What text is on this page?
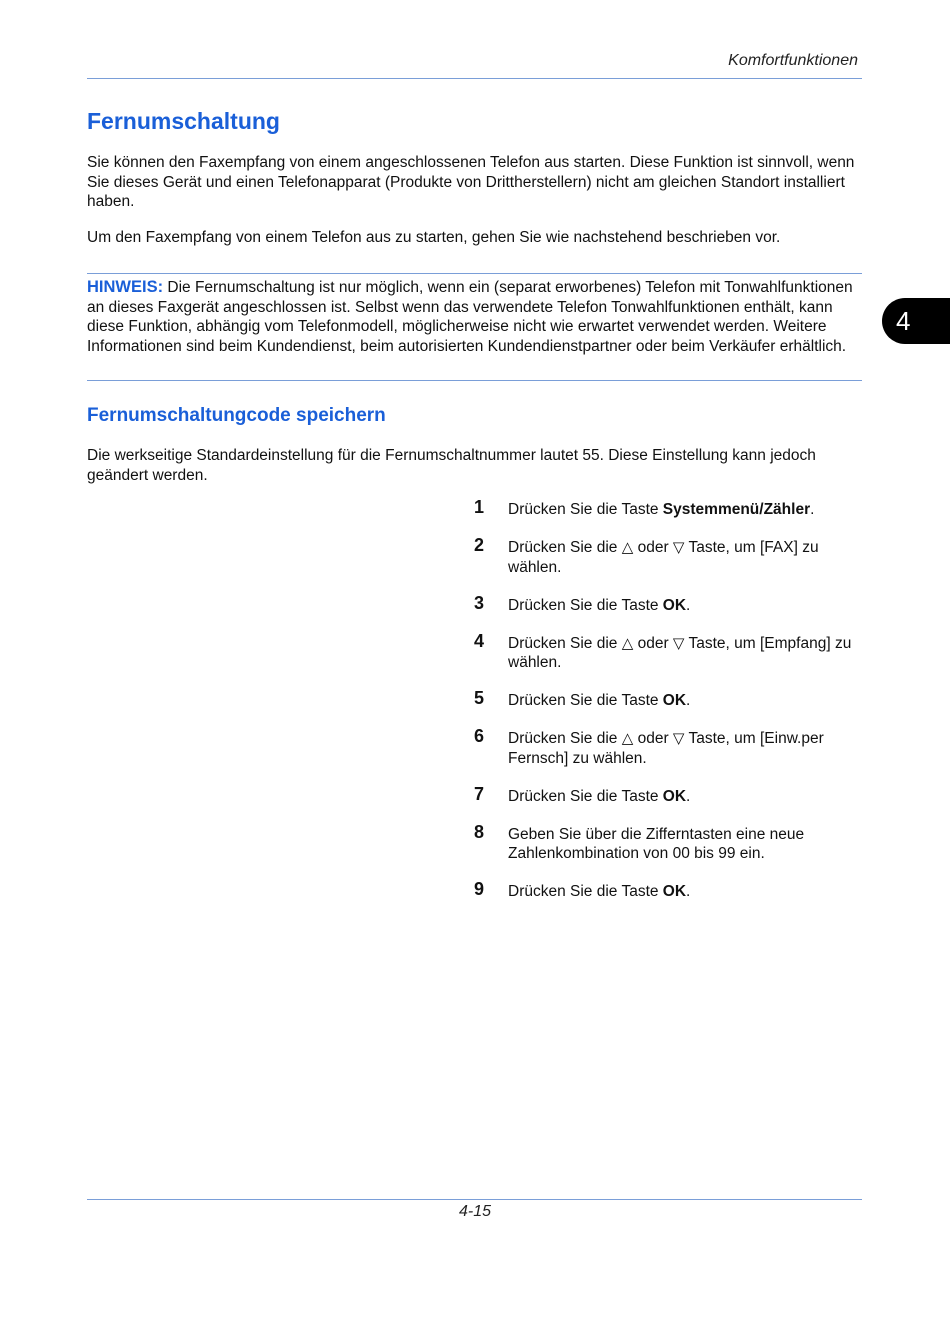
Komfortfunktionen
Fernumschaltung

Sie können den Faxempfang von einem angeschlossenen Telefon aus starten. Diese Funktion ist sinnvoll, wenn Sie dieses Gerät und einen Telefonapparat (Produkte von Drittherstellern) nicht am gleichen Standort installiert haben.

Um den Faxempfang von einem Telefon aus zu starten, gehen Sie wie nachstehend beschrieben vor.

HINWEIS: Die Fernumschaltung ist nur möglich, wenn ein (separat erworbenes) Telefon mit Tonwahlfunktionen an dieses Faxgerät angeschlossen ist. Selbst wenn das verwendete Telefon Tonwahlfunktionen enthält, kann diese Funktion, abhängig vom Telefonmodell, möglicherweise nicht wie erwartet verwendet werden. Weitere Informationen sind beim Kundendienst, beim autorisierten Kundendienstpartner oder beim Verkäufer erhältlich.
4
Fernumschaltungcode speichern

Die werkseitige Standardeinstellung für die Fernumschaltnummer lautet 55. Diese Einstellung kann jedoch geändert werden.

1	Drücken Sie die Taste Systemmenü/Zähler.
2	Drücken Sie die △ oder ▽ Taste, um [FAX] zu wählen.
3	Drücken Sie die Taste OK.
4	Drücken Sie die △ oder ▽ Taste, um [Empfang] zu wählen.
5	Drücken Sie die Taste OK.
6	Drücken Sie die △ oder ▽ Taste, um [Einw.per Fernsch] zu wählen.
7	Drücken Sie die Taste OK.
8	Geben Sie über die Zifferntasten eine neue Zahlenkombination von 00 bis 99 ein.
9	Drücken Sie die Taste OK.
4-15
